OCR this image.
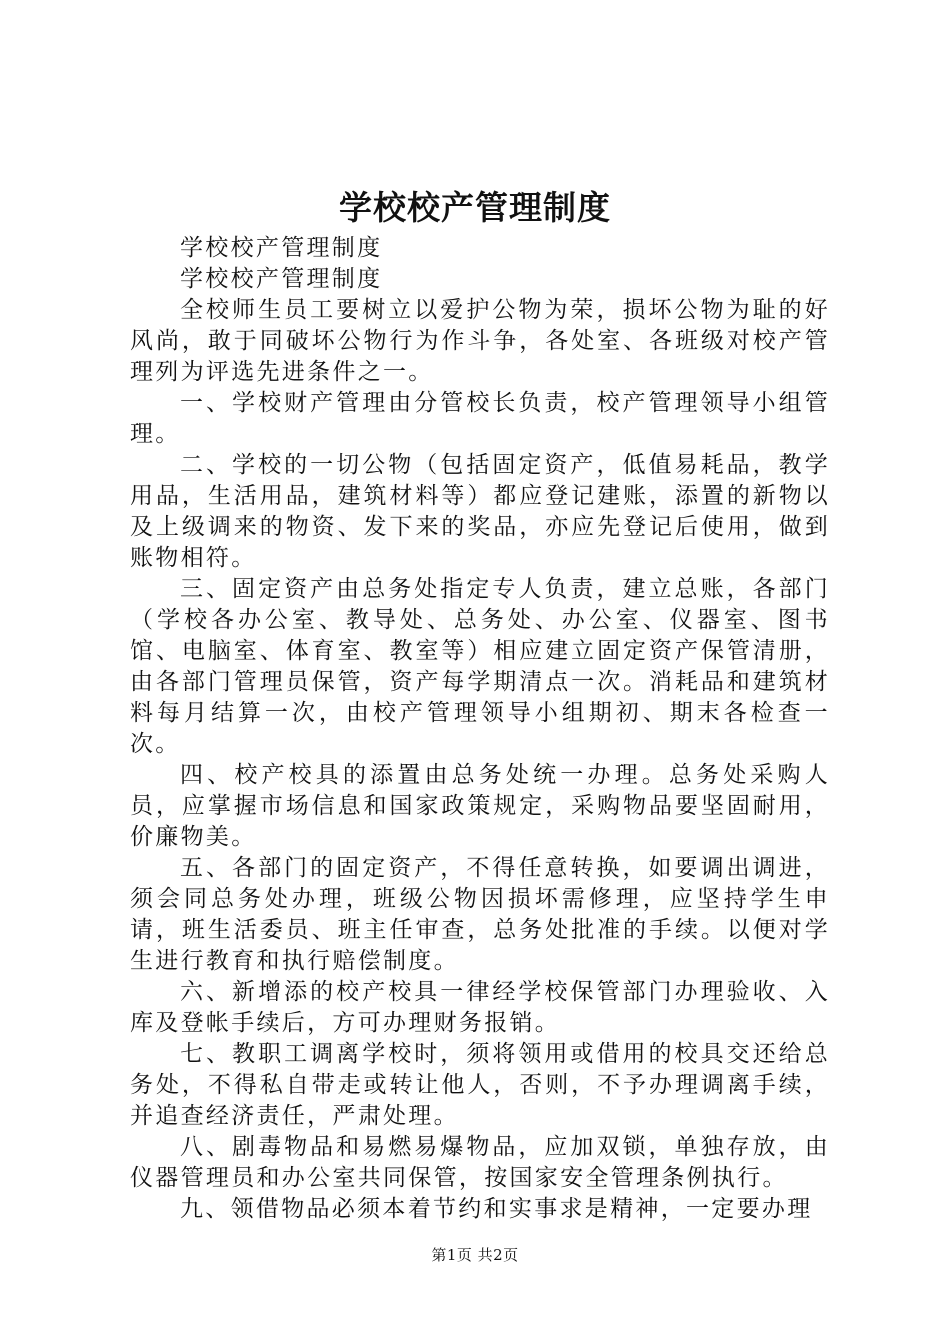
学校校产管理制度

学校校产管理制度

学校校产管理制度

全校师生员工要树立以爱护公物为荣，损坏公物为耻的好风尚，敢于同破坏公物行为作斗争，各处室、各班级对校产管理列为评选先进条件之一。

一、学校财产管理由分管校长负责，校产管理领导小组管理。

二、学校的一切公物（包括固定资产，低值易耗品，教学用品，生活用品，建筑材料等）都应登记建账，添置的新物以及上级调来的物资、发下来的奖品，亦应先登记后使用，做到账物相符。

三、固定资产由总务处指定专人负责，建立总账，各部门（学校各办公室、教导处、总务处、办公室、仪器室、图书馆、电脑室、体育室、教室等）相应建立固定资产保管清册，由各部门管理员保管，资产每学期清点一次。消耗品和建筑材料每月结算一次，由校产管理领导小组期初、期末各检查一次。

四、校产校具的添置由总务处统一办理。总务处采购人员，应掌握市场信息和国家政策规定，采购物品要坚固耐用，价廉物美。

五、各部门的固定资产，不得任意转换，如要调出调进，须会同总务处办理，班级公物因损坏需修理，应坚持学生申请，班生活委员、班主任审查，总务处批准的手续。以便对学生进行教育和执行赔偿制度。

六、新增添的校产校具一律经学校保管部门办理验收、入库及登帐手续后，方可办理财务报销。

七、教职工调离学校时，须将领用或借用的校具交还给总务处，不得私自带走或转让他人，否则，不予办理调离手续，并追查经济责任，严肃处理。

八、剧毒物品和易燃易爆物品，应加双锁，单独存放，由仪器管理员和办公室共同保管，按国家安全管理条例执行。

九、领借物品必须本着节约和实事求是精神，一定要办理

第1页 共2页
